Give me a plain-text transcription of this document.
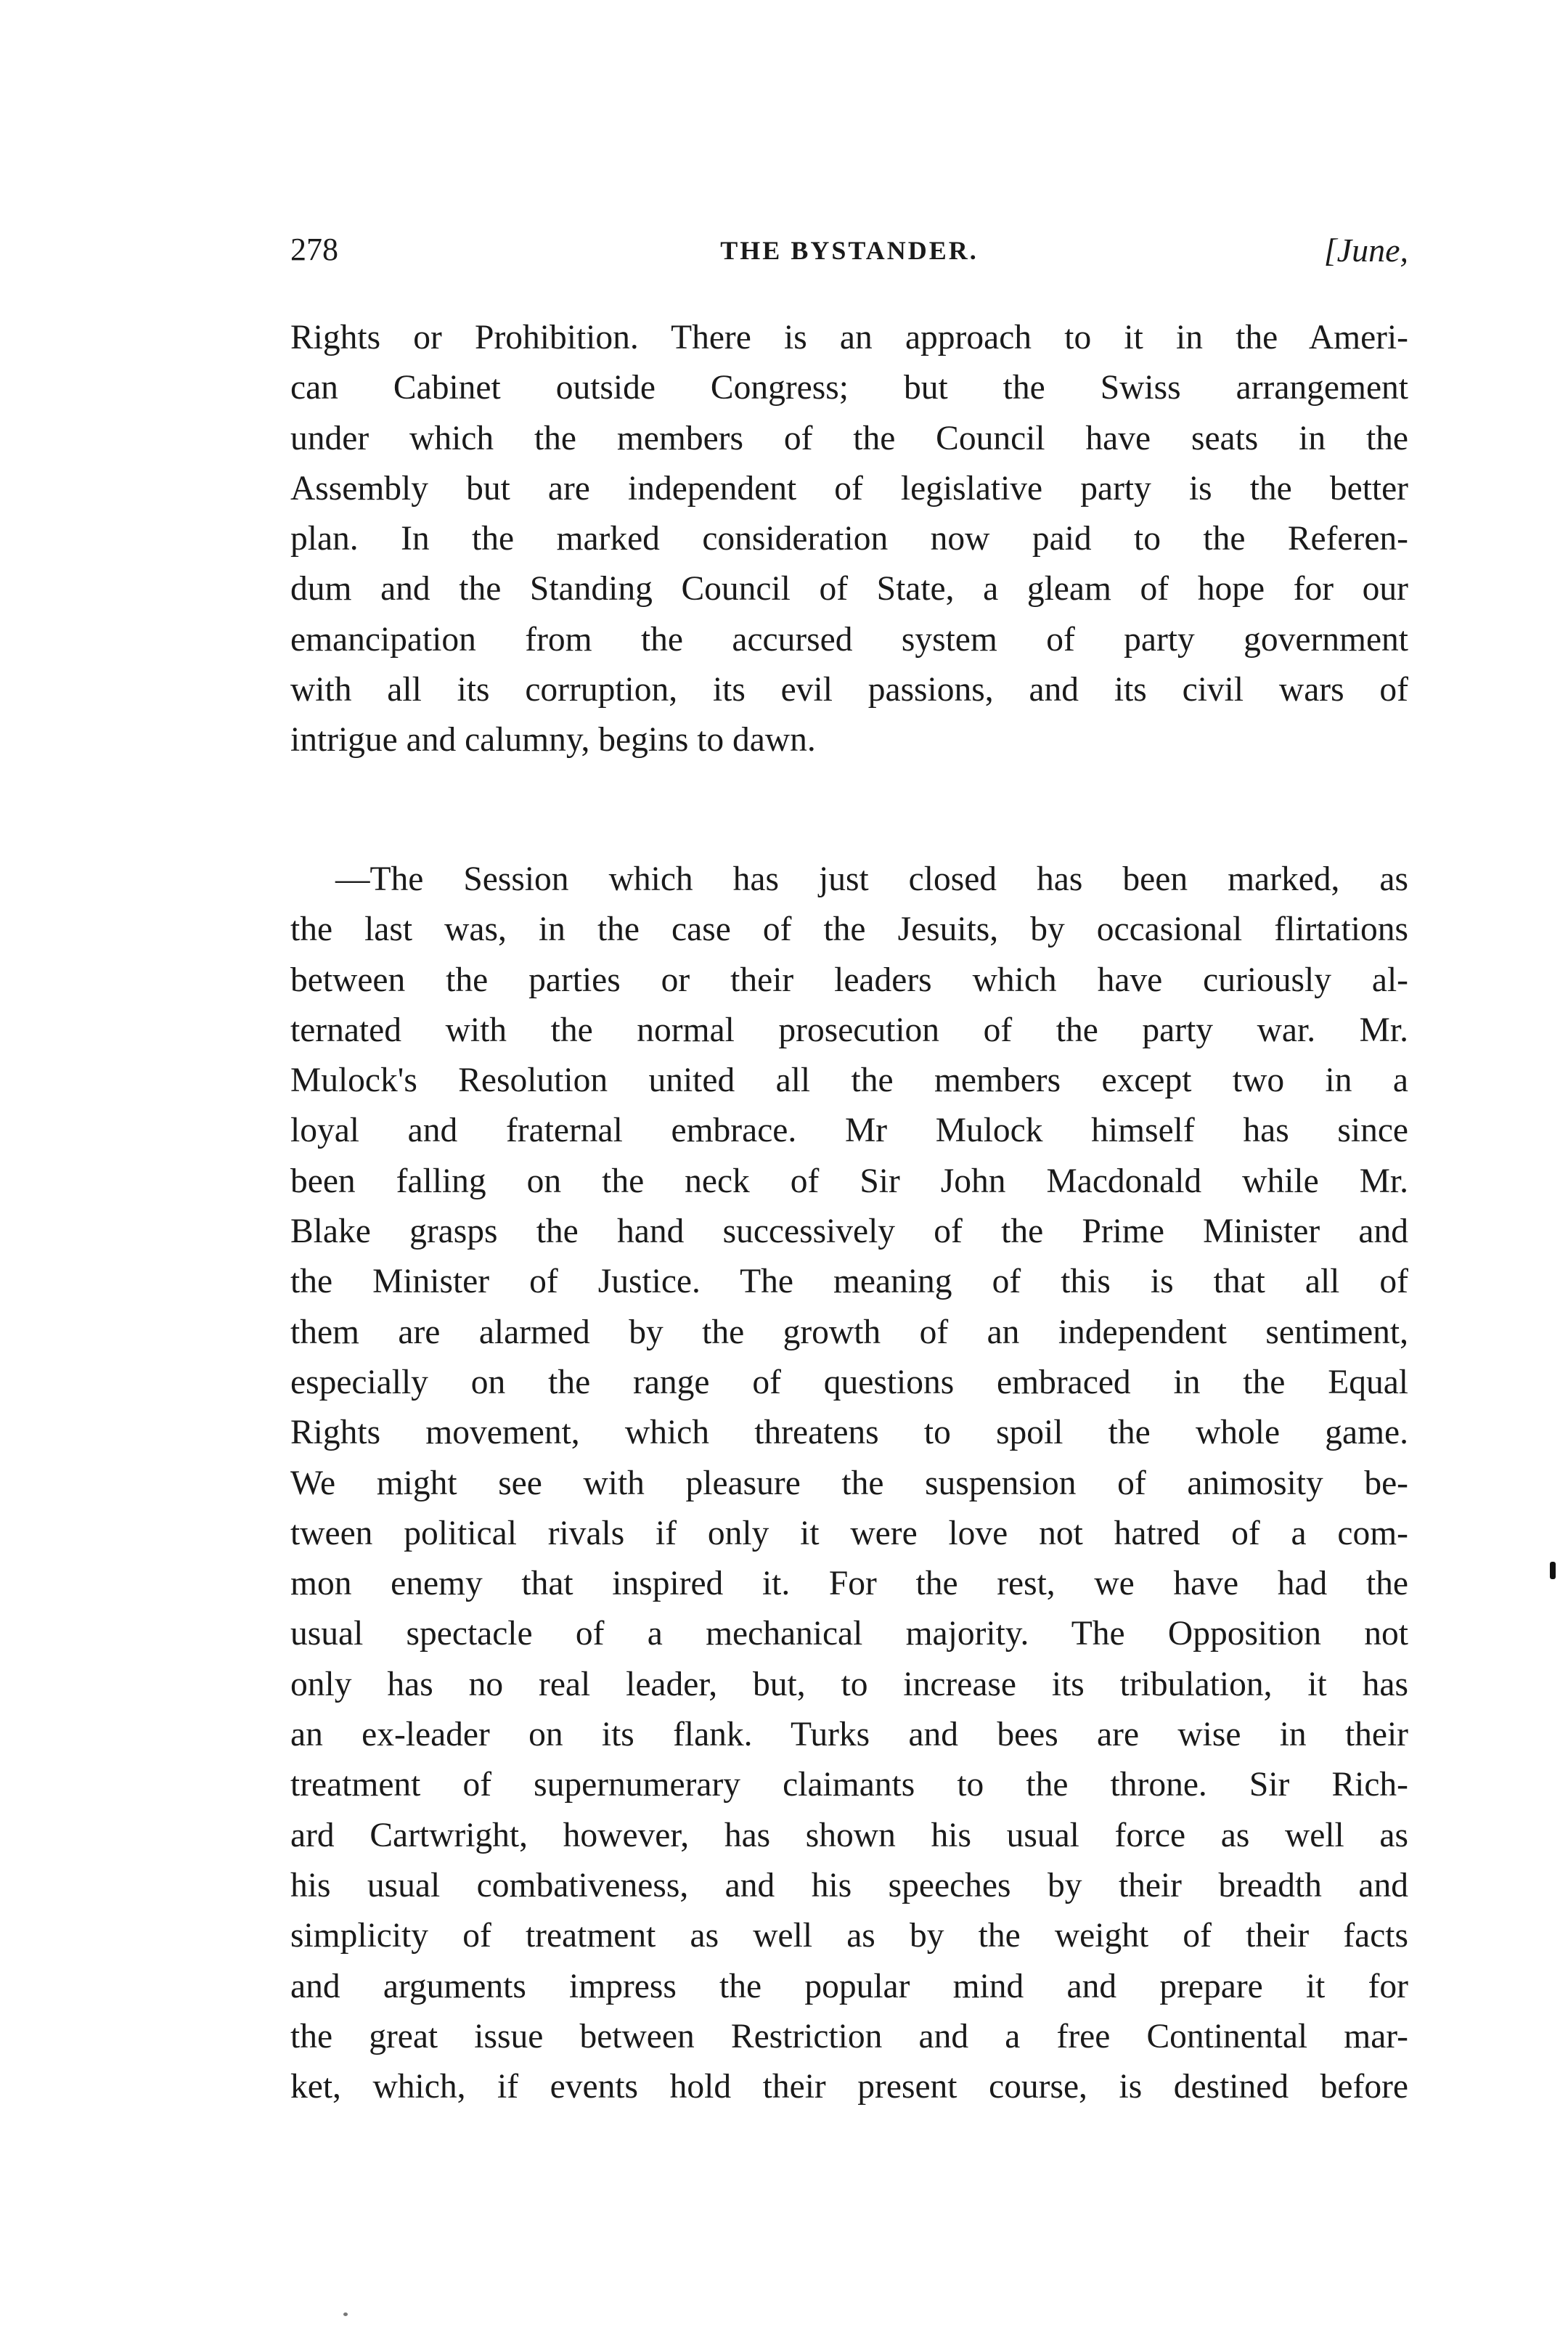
278	THE BYSTANDER.	[June,
Rights or Prohibition. There is an approach to it in the Ameri-
can Cabinet outside Congress; but the Swiss arrangement
under which the members of the Council have seats in the
Assembly but are independent of legislative party is the better
plan. In the marked consideration now paid to the Referen-
dum and the Standing Council of State, a gleam of hope for our
emancipation from the accursed system of party government
with all its corruption, its evil passions, and its civil wars of
intrigue and calumny, begins to dawn.
—The Session which has just closed has been marked, as
the last was, in the case of the Jesuits, by occasional flirtations
between the parties or their leaders which have curiously al-
ternated with the normal prosecution of the party war. Mr.
Mulock's Resolution united all the members except two in a
loyal and fraternal embrace. Mr Mulock himself has since
been falling on the neck of Sir John Macdonald while Mr.
Blake grasps the hand successively of the Prime Minister and
the Minister of Justice. The meaning of this is that all of
them are alarmed by the growth of an independent sentiment,
especially on the range of questions embraced in the Equal
Rights movement, which threatens to spoil the whole game.
We might see with pleasure the suspension of animosity be-
tween political rivals if only it were love not hatred of a com-
mon enemy that inspired it. For the rest, we have had the
usual spectacle of a mechanical majority. The Opposition not
only has no real leader, but, to increase its tribulation, it has
an ex-leader on its flank. Turks and bees are wise in their
treatment of supernumerary claimants to the throne. Sir Rich-
ard Cartwright, however, has shown his usual force as well as
his usual combativeness, and his speeches by their breadth and
simplicity of treatment as well as by the weight of their facts
and arguments impress the popular mind and prepare it for
the great issue between Restriction and a free Continental mar-
ket, which, if events hold their present course, is destined before
